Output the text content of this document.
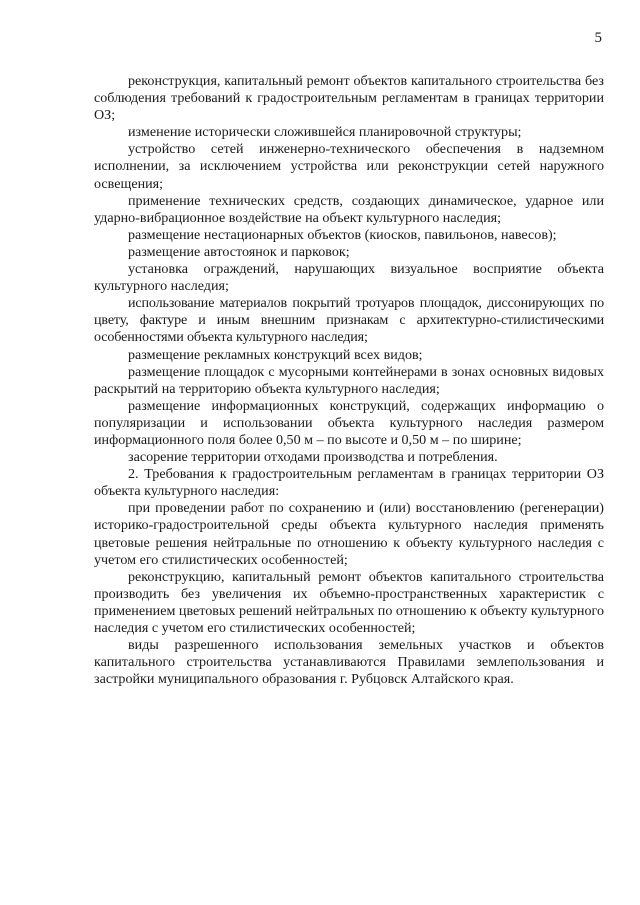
5

реконструкция, капитальный ремонт объектов капитального строительства без соблюдения требований к градостроительным регламентам в границах территории ОЗ;

изменение исторически сложившейся планировочной структуры;

устройство сетей инженерно-технического обеспечения в надземном исполнении, за исключением устройства или реконструкции сетей наружного освещения;

применение технических средств, создающих динамическое, ударное или ударно-вибрационное воздействие на объект культурного наследия;

размещение нестационарных объектов (киосков, павильонов, навесов);

размещение автостоянок и парковок;

установка ограждений, нарушающих визуальное восприятие объекта культурного наследия;

использование материалов покрытий тротуаров площадок, диссонирующих по цвету, фактуре и иным внешним признакам с архитектурно-стилистическими особенностями объекта культурного наследия;

размещение рекламных конструкций всех видов;

размещение площадок с мусорными контейнерами в зонах основных видовых раскрытий на территорию объекта культурного наследия;

размещение информационных конструкций, содержащих информацию о популяризации и использовании объекта культурного наследия размером информационного поля более 0,50 м – по высоте и 0,50 м – по ширине;

засорение территории отходами производства и потребления.

2. Требования к градостроительным регламентам в границах территории ОЗ объекта культурного наследия:

при проведении работ по сохранению и (или) восстановлению (регенерации) историко-градостроительной среды объекта культурного наследия применять цветовые решения нейтральные по отношению к объекту культурного наследия с учетом его стилистических особенностей;

реконструкцию, капитальный ремонт объектов капитального строительства производить без увеличения их объемно-пространственных характеристик с применением цветовых решений нейтральных по отношению к объекту культурного наследия с учетом его стилистических особенностей;

виды разрешенного использования земельных участков и объектов капитального строительства устанавливаются Правилами землепользования и застройки муниципального образования г. Рубцовск Алтайского края.
